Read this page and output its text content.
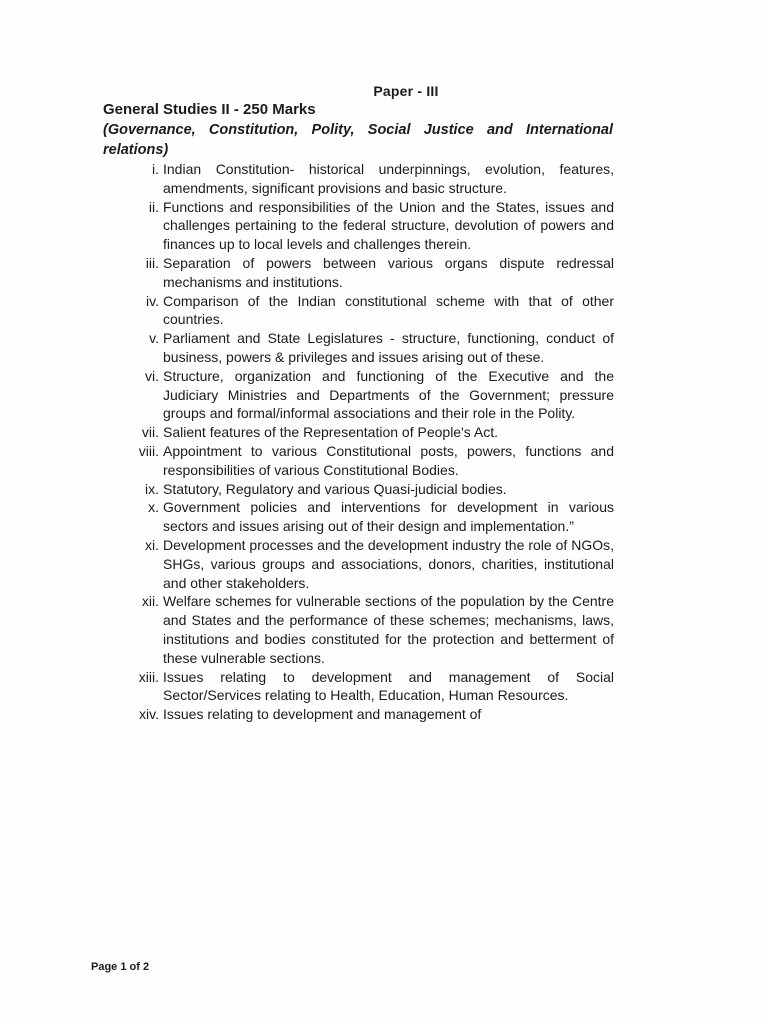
Paper - III
General Studies II - 250 Marks
(Governance, Constitution, Polity, Social Justice and International relations)
i. Indian Constitution- historical underpinnings, evolution, features, amendments, significant provisions and basic structure.
ii. Functions and responsibilities of the Union and the States, issues and challenges pertaining to the federal structure, devolution of powers and finances up to local levels and challenges therein.
iii. Separation of powers between various organs dispute redressal mechanisms and institutions.
iv. Comparison of the Indian constitutional scheme with that of other countries.
v. Parliament and State Legislatures - structure, functioning, conduct of business, powers & privileges and issues arising out of these.
vi. Structure, organization and functioning of the Executive and the Judiciary Ministries and Departments of the Government; pressure groups and formal/informal associations and their role in the Polity.
vii. Salient features of the Representation of People's Act.
viii. Appointment to various Constitutional posts, powers, functions and responsibilities of various Constitutional Bodies.
ix. Statutory, Regulatory and various Quasi-judicial bodies.
x. Government policies and interventions for development in various sectors and issues arising out of their design and implementation.”
xi. Development processes and the development industry the role of NGOs, SHGs, various groups and associations, donors, charities, institutional and other stakeholders.
xii. Welfare schemes for vulnerable sections of the population by the Centre and States and the performance of these schemes; mechanisms, laws, institutions and bodies constituted for the protection and betterment of these vulnerable sections.
xiii. Issues relating to development and management of Social Sector/Services relating to Health, Education, Human Resources.
xiv. Issues relating to development and management of
Page 1 of 2
